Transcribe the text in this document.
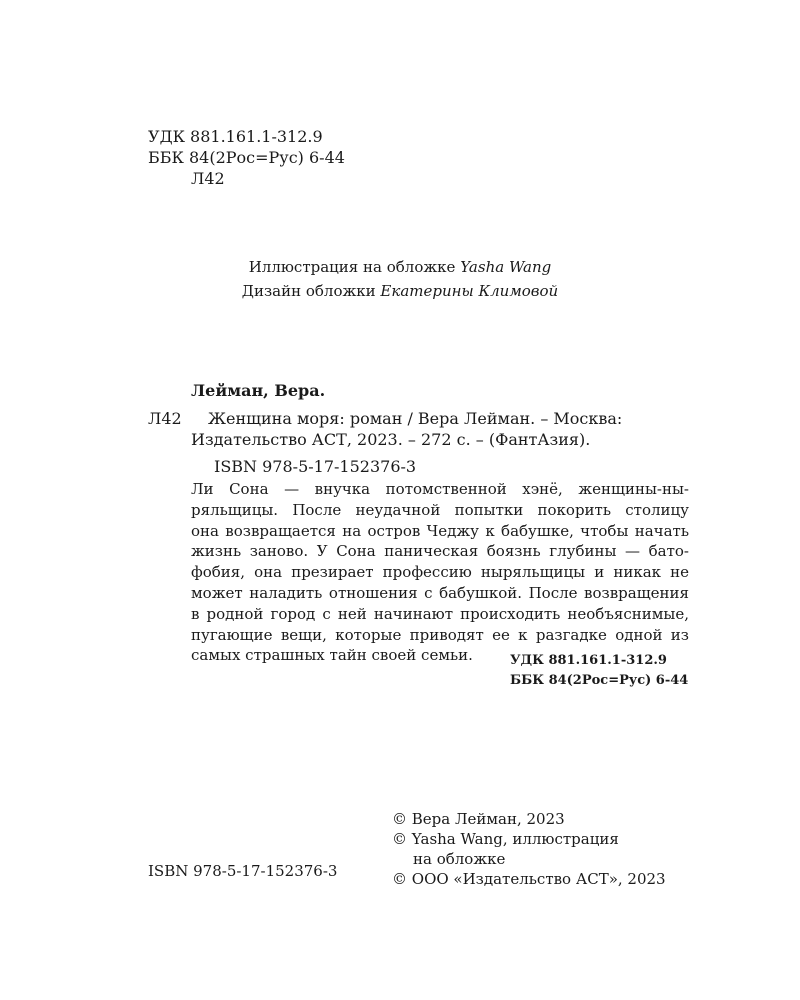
УДК 881.161.1-312.9
ББК 84(2Рос=Рус) 6-44
Л42
Иллюстрация на обложке Yasha Wang
Дизайн обложки Екатерины Климовой
Лейман, Вера.
Л42	Женщина моря: роман / Вера Лейман. – Москва:
Издательство АСТ, 2023. – 272 с. – (ФантАзия).
ISBN 978-5-17-152376-3
Ли Сона — внучка потомственной хэнё, женщины-ны-
ряльщицы. После неудачной попытки покорить столицу
она возвращается на остров Чеджу к бабушке, чтобы начать
жизнь заново. У Сона паническая боязнь глубины — бато-
фобия, она презирает профессию ныряльщицы и никак не
может наладить отношения с бабушкой. После возвращения
в родной город с ней начинают происходить необъяснимые,
пугающие вещи, которые приводят ее к разгадке одной из
самых страшных тайн своей семьи.	УДК 881.161.1-312.9
ББК 84(2Рос=Рус) 6-44
© Вера Лейман, 2023
© Yasha Wang, иллюстрация
на обложке
© ООО «Издательство АСТ», 2023
ISBN 978-5-17-152376-3
